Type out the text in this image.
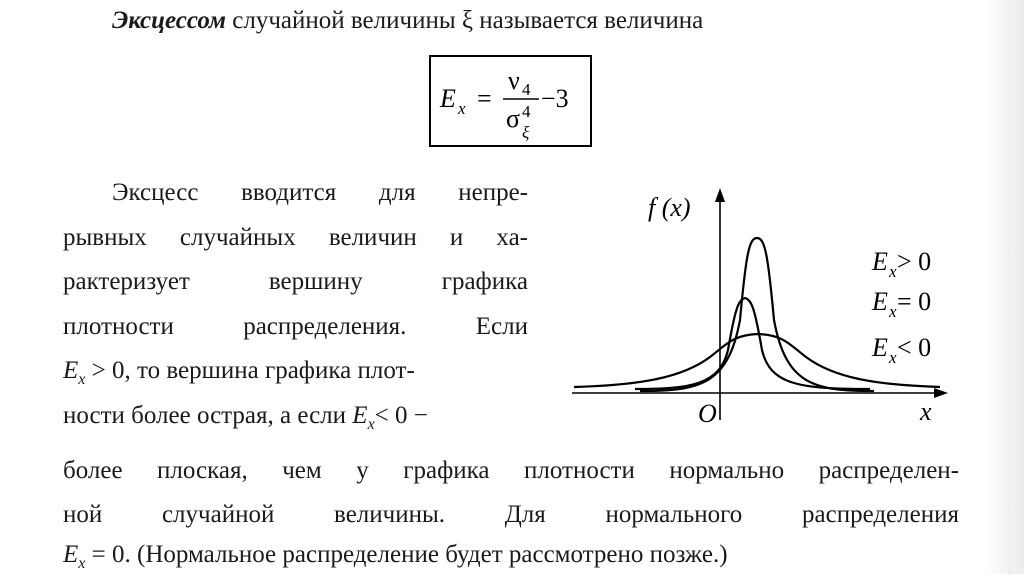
Эксцессом случайной величины ξ называется величина
E x =
ν 4
σ 4
ξ
−3
Эксцесс вводится для непре-
рывных случайных величин и ха-
рактеризует вершину графика
плотности распределения. Если
$E_x > 0$, то вершина графика плот-
ности более острая, а если $E_x< 0$ −
более плоская, чем у графика плотности нормально распределен-
ной случайной величины. Для нормального распределения
$E_x = 0$. (Нормальное распределение будет рассмотрено позже.)
f (x)
x
O
E x > 0
E x = 0
E x < 0
